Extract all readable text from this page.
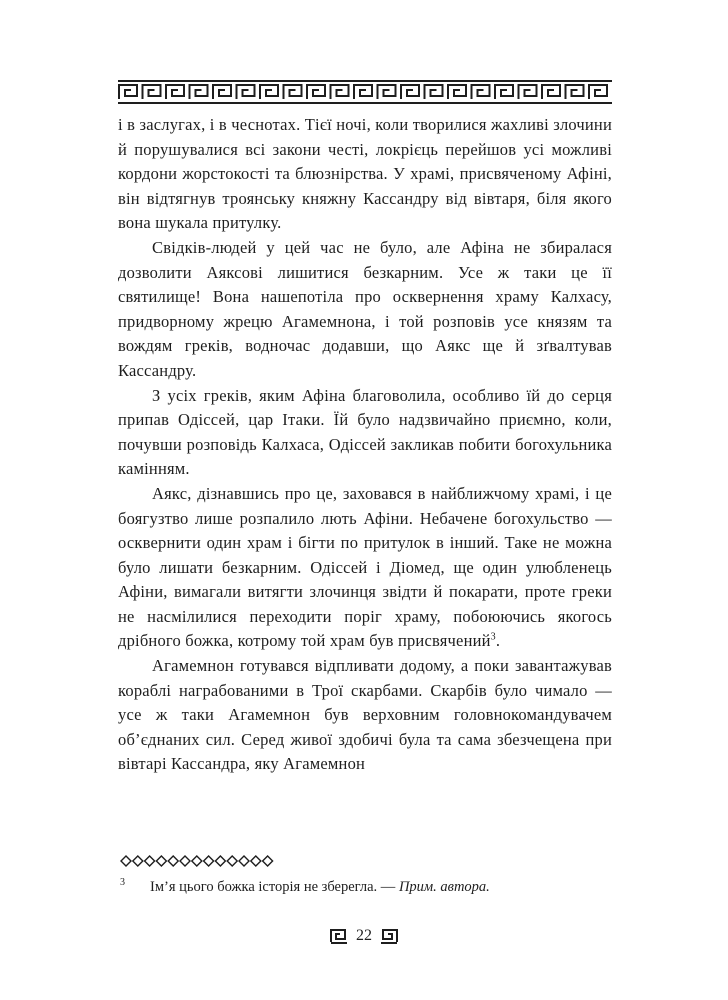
і в заслугах, і в чеснотах. Тієї ночі, коли творилися жахливі злочини й порушувалися всі закони честі, локрієць перейшов усі можливі кордони жорстокості та блюзнірства. У храмі, присвяченому Афіні, він відтягнув троянську княжну Кассандру від вівтаря, біля якого вона шукала притулку.

Свідків-людей у цей час не було, але Афіна не збиралася дозволити Аяксові лишитися безкарним. Усе ж таки це її святилище! Вона нашепотіла про осквернення храму Калхасу, придворному жрецю Агамемнона, і той розповів усе князям та вождям греків, водночас додавши, що Аякс ще й зґвалтував Кассандру.

З усіх греків, яким Афіна благоволила, особливо їй до серця припав Одіссей, цар Ітаки. Їй було надзвичайно приємно, коли, почувши розповідь Калхаса, Одіссей закликав побити богохульника камінням.

Аякс, дізнавшись про це, заховався в найближчому храмі, і це боягузтво лише розпалило лють Афіни. Небачене богохульство — осквернити один храм і бігти по притулок в інший. Таке не можна було лишати безкарним. Одіссей і Діомед, ще один улюбленець Афіни, вимагали витягти злочинця звідти й покарати, проте греки не насмілилися переходити поріг храму, побоюючись якогось дрібного божка, котрому той храм був присвячений$^3$.

Агамемнон готувався відпливати додому, а поки завантажував кораблі награбованими в Трої скарбами. Скарбів було чимало — усе ж таки Агамемнон був верховним головнокомандувачем об’єднаних сил. Серед живої здобичі була та сама збезчещена при вівтарі Кассандра, яку Агамемнон

3 Ім’я цього божка історія не зберегла. — Прим. автора.
22
